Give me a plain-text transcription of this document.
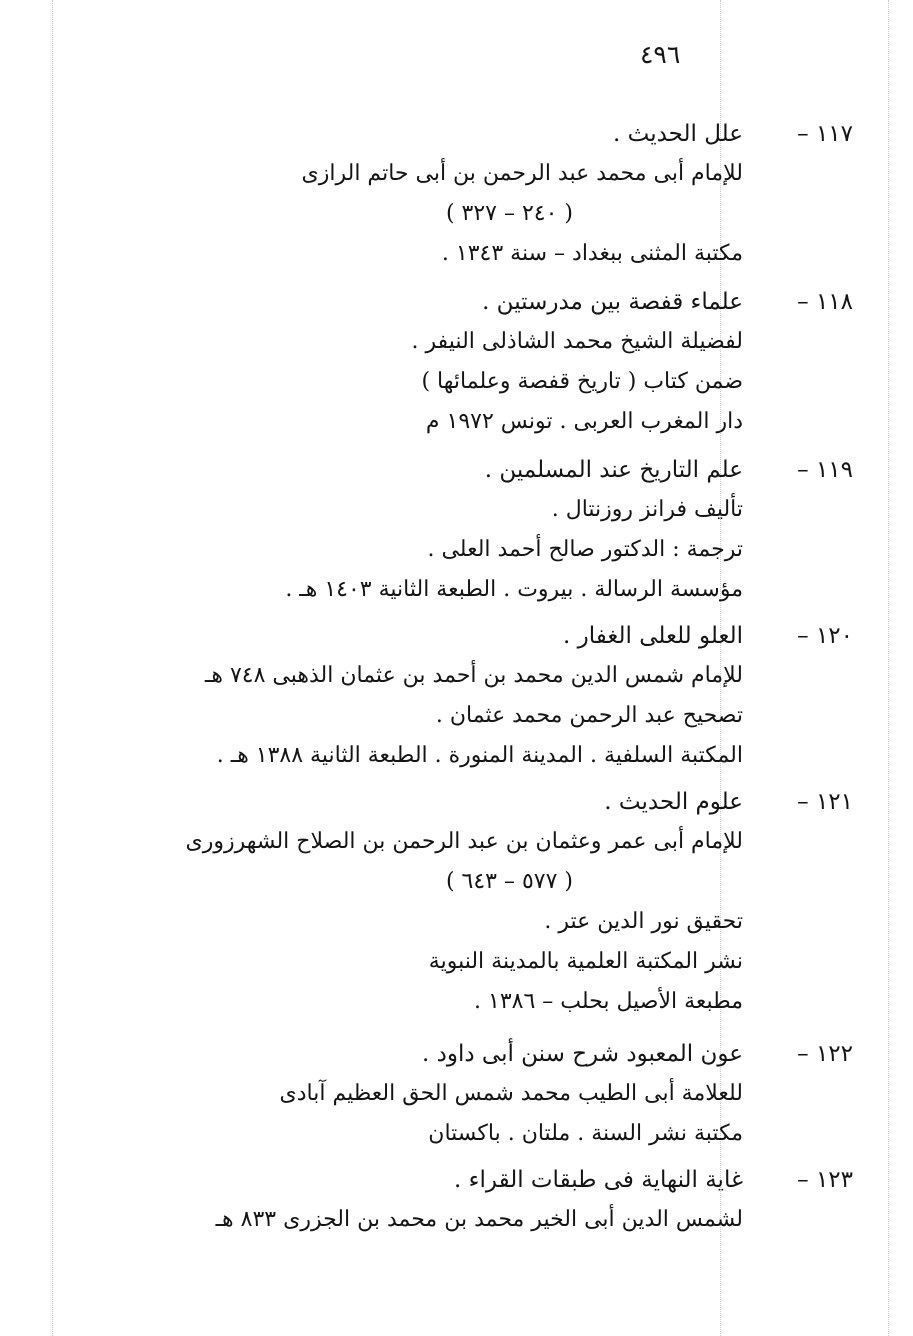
٤٩٦
١١٧ –
علل الحديث .
للإمام أبى محمد عبد الرحمن بن أبى حاتم الرازى
( ٢٤٠ – ٣٢٧ )
مكتبة المثنى ببغداد – سنة ١٣٤٣ .
١١٨ –
علماء قفصة بين مدرستين .
لفضيلة الشيخ محمد الشاذلى النيفر .
ضمن كتاب ( تاريخ قفصة وعلمائها )
دار المغرب العربى . تونس ١٩٧٢ م
١١٩ –
علم التاريخ عند المسلمين .
تأليف فرانز روزنتال .
ترجمة : الدكتور صالح أحمد العلى .
مؤسسة الرسالة . بيروت . الطبعة الثانية ١٤٠٣ هـ .
١٢٠ –
العلو للعلى الغفار .
للإمام شمس الدين محمد بن أحمد بن عثمان الذهبى ٧٤٨ هـ
تصحيح عبد الرحمن محمد عثمان .
المكتبة السلفية . المدينة المنورة . الطبعة الثانية ١٣٨٨ هـ .
١٢١ –
علوم الحديث .
للإمام أبى عمر وعثمان بن عبد الرحمن بن الصلاح الشهرزورى
( ٥٧٧ – ٦٤٣ )
تحقيق نور الدين عتر .
نشر المكتبة العلمية بالمدينة النبوية
مطبعة الأصيل بحلب – ١٣٨٦ .
١٢٢ –
عون المعبود شرح سنن أبى داود .
للعلامة أبى الطيب محمد شمس الحق العظيم آبادى
مكتبة نشر السنة . ملتان . باكستان
١٢٣ –
غاية النهاية فى طبقات القراء .
لشمس الدين أبى الخير محمد بن محمد بن الجزرى ٨٣٣ هـ
